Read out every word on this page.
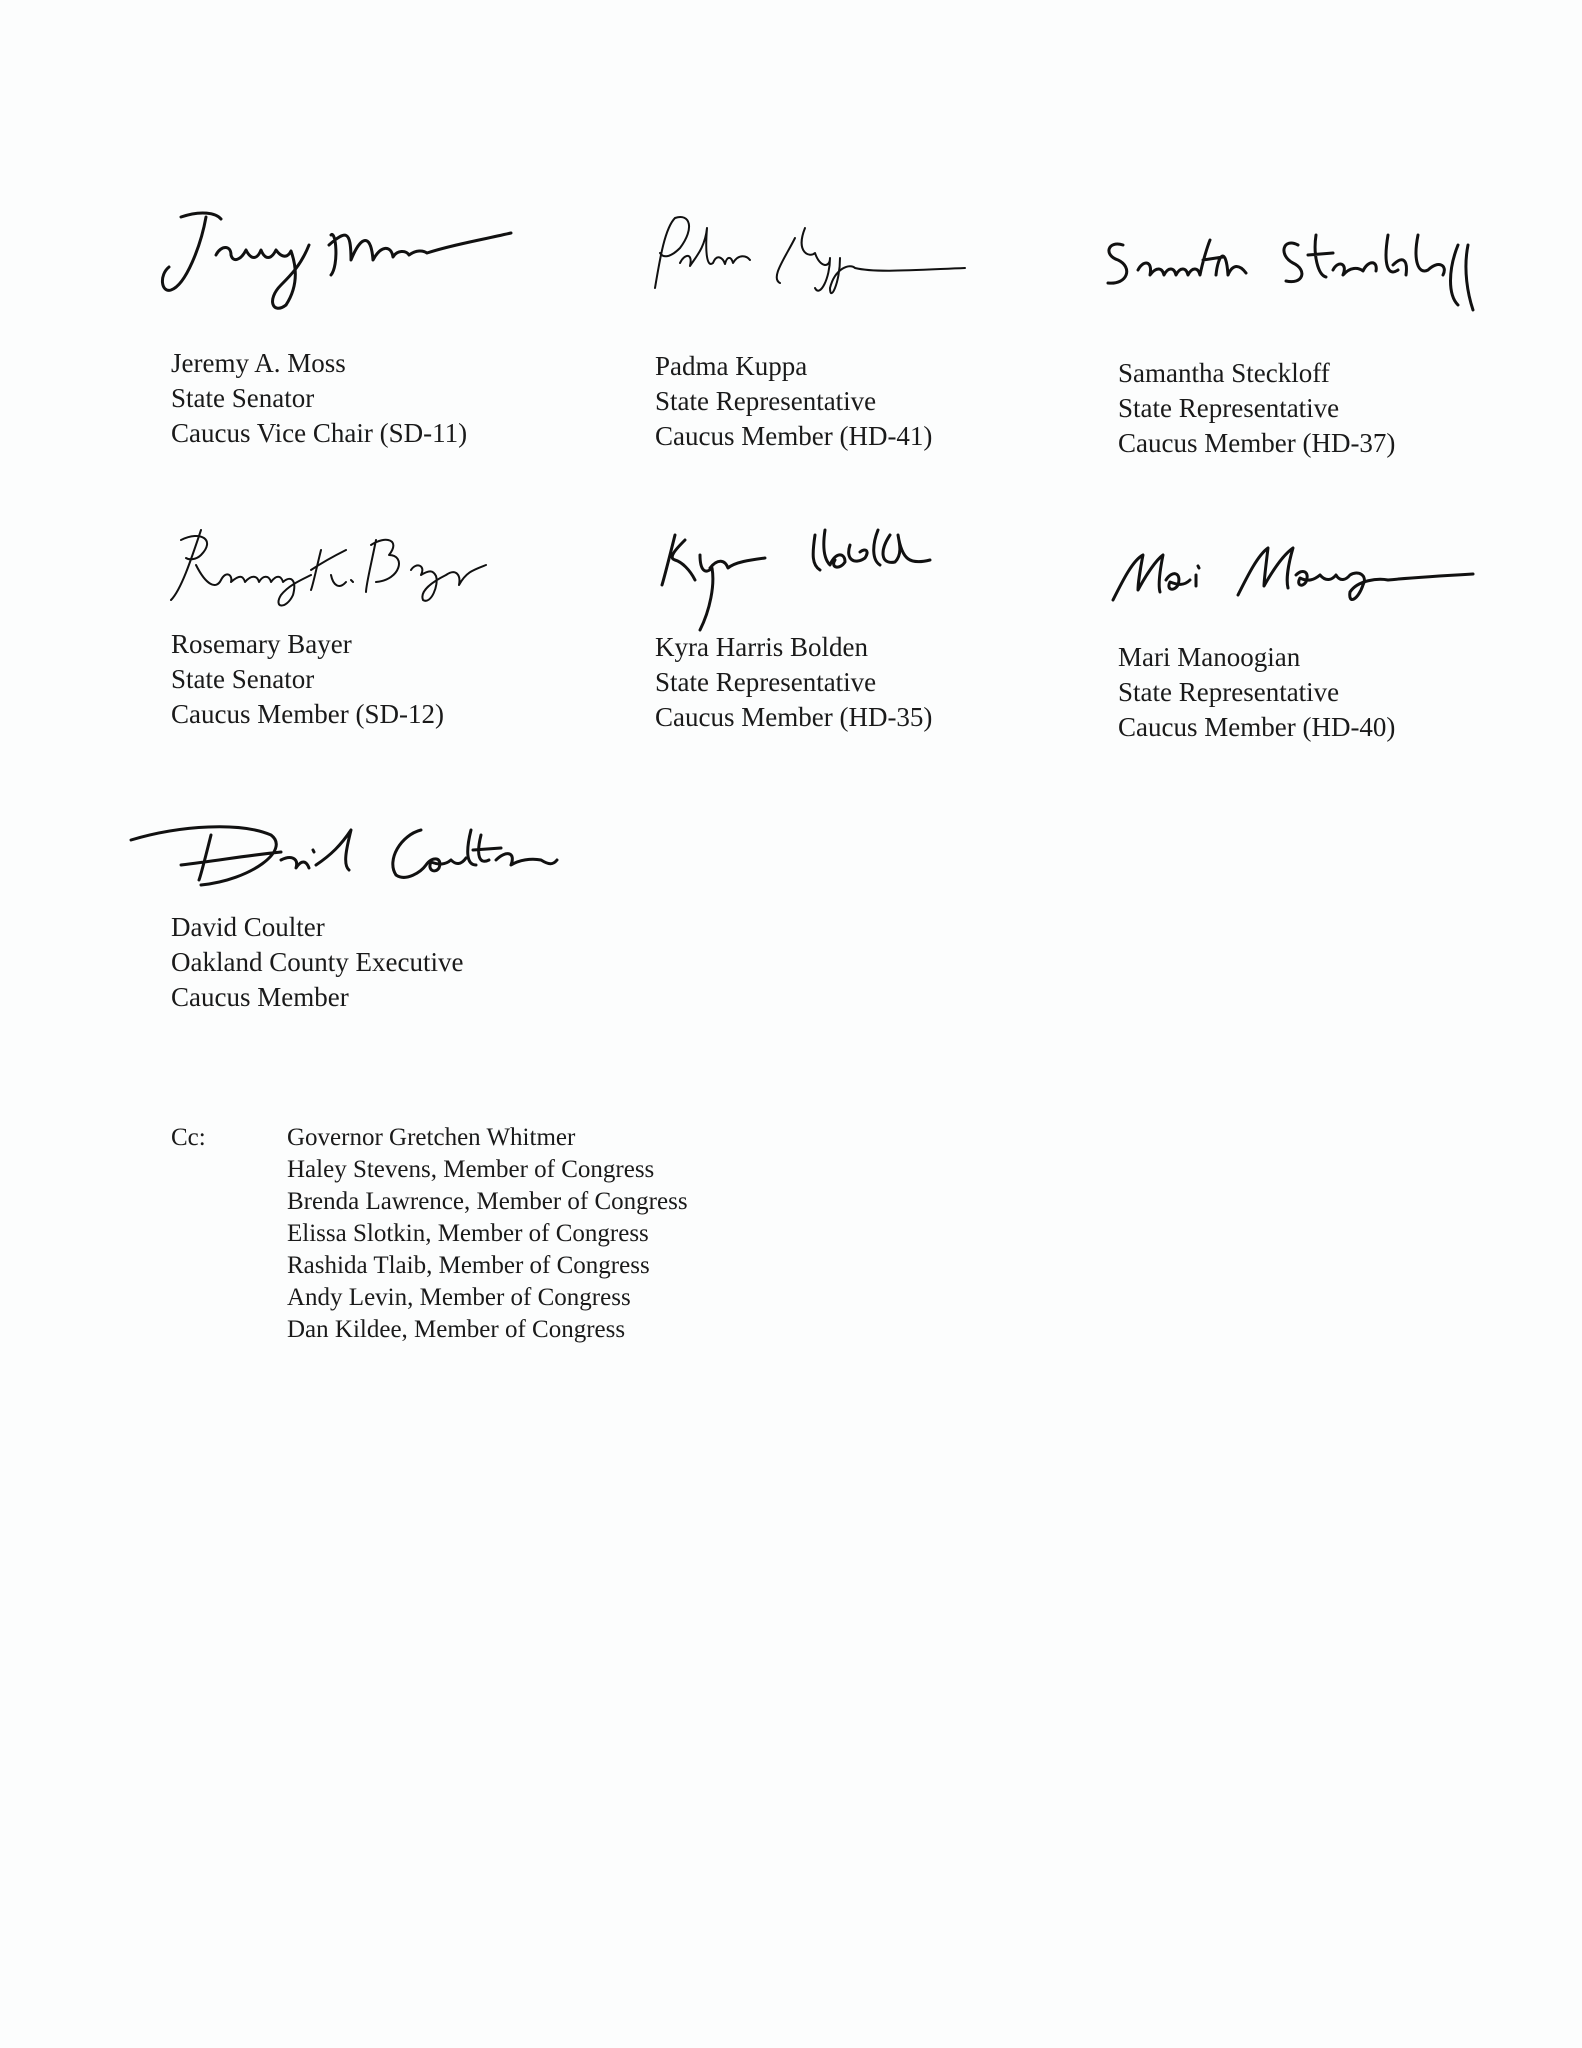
Jeremy A. Moss
State Senator
Caucus Vice Chair (SD-11)
Padma Kuppa
State Representative
Caucus Member (HD-41)
Samantha Steckloff
State Representative
Caucus Member (HD-37)
Rosemary Bayer
State Senator
Caucus Member (SD-12)
Kyra Harris Bolden
State Representative
Caucus Member (HD-35)
Mari Manoogian
State Representative
Caucus Member (HD-40)
David Coulter
Oakland County Executive
Caucus Member
Cc:	Governor Gretchen Whitmer
Haley Stevens, Member of Congress
Brenda Lawrence, Member of Congress
Elissa Slotkin, Member of Congress
Rashida Tlaib, Member of Congress
Andy Levin, Member of Congress
Dan Kildee, Member of Congress
